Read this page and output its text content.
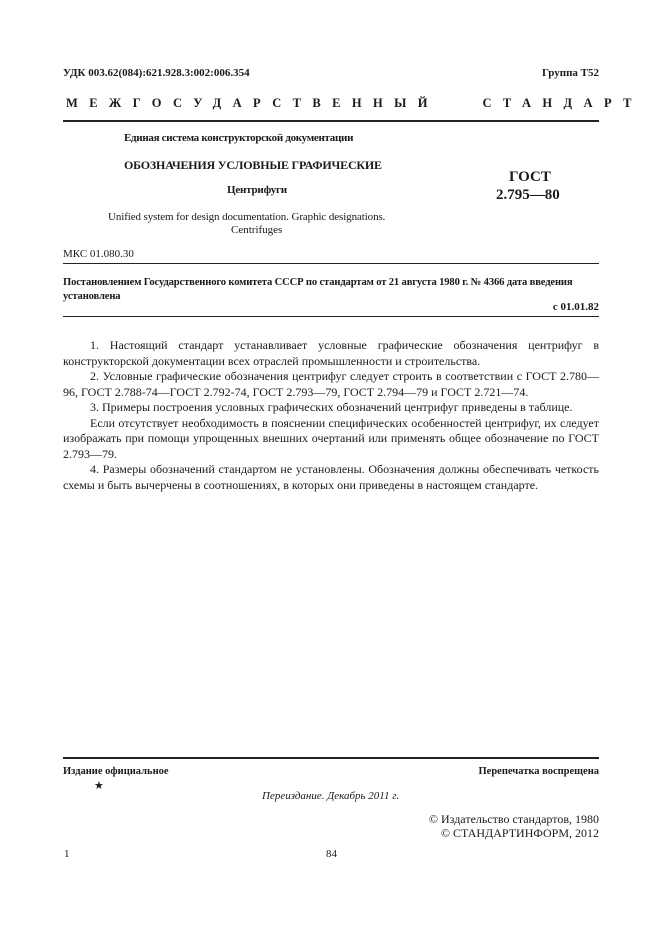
УДК 003.62(084):621.928.3:002:006.354	Группа Т52
МЕЖГОСУДАРСТВЕННЫЙ   СТАНДАРТ
Единая система конструкторской документации
ОБОЗНАЧЕНИЯ УСЛОВНЫЕ ГРАФИЧЕСКИЕ
Центрифуги
ГОСТ
2.795—80
Unified system for design documentation. Graphic designations.
Centrifuges
МКС 01.080.30
Постановлением Государственного комитета СССР по стандартам от 21 августа 1980 г. № 4366 дата введения установлена
с 01.01.82

1. Настоящий стандарт устанавливает условные графические обозначения центрифуг в конструкторской документации всех отраслей промышленности и строительства.

2. Условные графические обозначения центрифуг следует строить в соответствии с ГОСТ 2.780—96, ГОСТ 2.788-74—ГОСТ 2.792-74, ГОСТ 2.793—79, ГОСТ 2.794—79 и ГОСТ 2.721—74.

3. Примеры построения условных графических обозначений центрифуг приведены в таблице.

Если отсутствует необходимость в пояснении специфических особенностей центрифуг, их следует изображать при помощи упрощенных внешних очертаний или применять общее обозначение по ГОСТ 2.793—79.

4. Размеры обозначений стандартом не установлены. Обозначения должны обеспечивать четкость схемы и быть вычерчены в соотношениях, в которых они приведены в настоящем стандарте.

Издание официальное
★
Перепечатка воспрещена
Переиздание. Декабрь 2011 г.
© Издательство стандартов, 1980
© СТАНДАРТИНФОРМ, 2012
1	84
